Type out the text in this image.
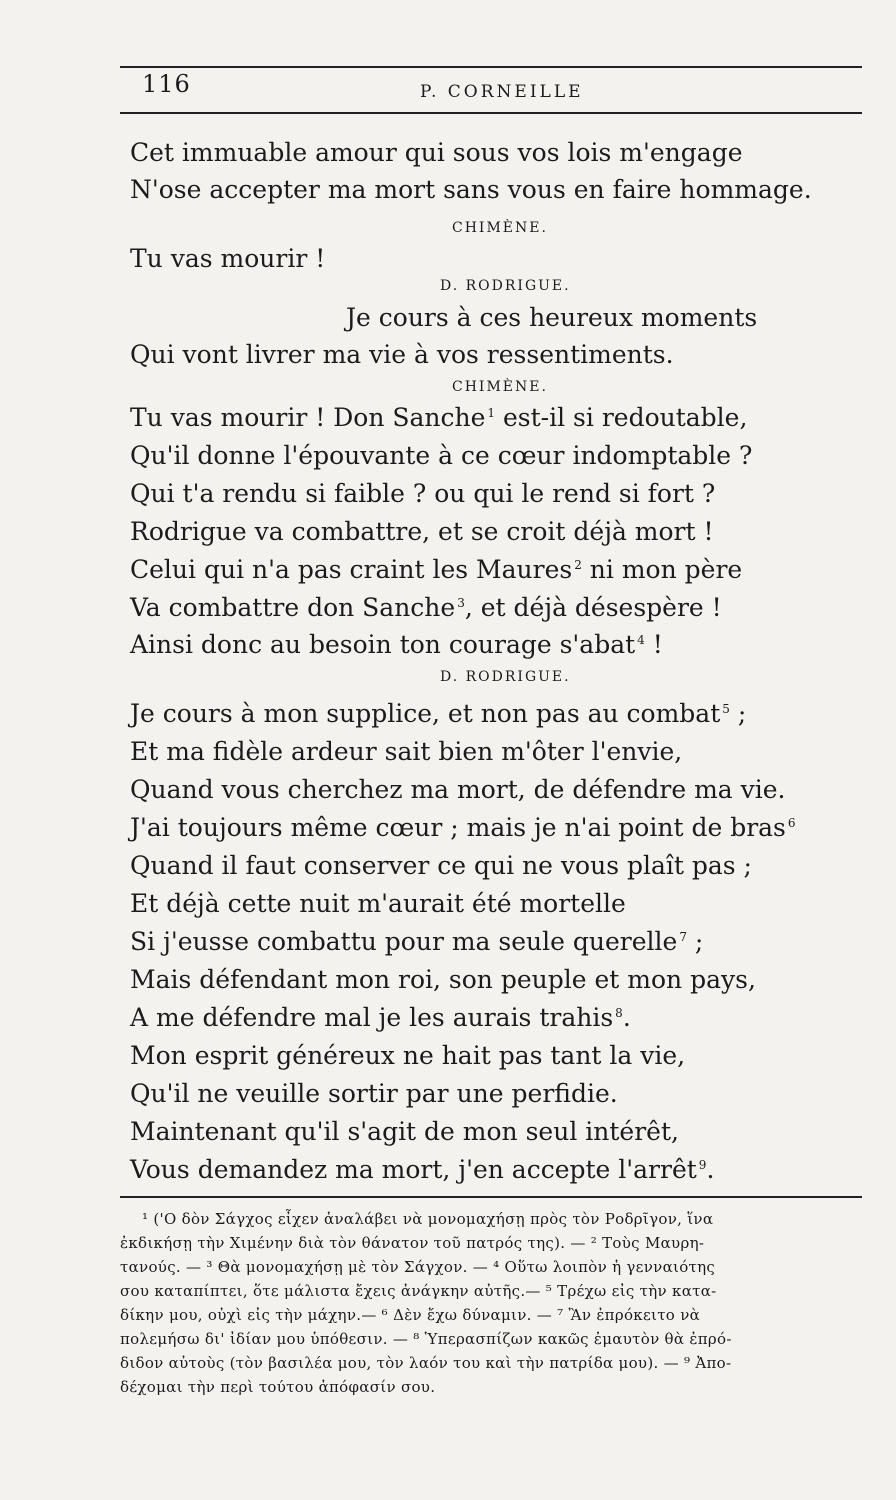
116	P. CORNEILLE
Cet immuable amour qui sous vos lois m'engage
N'ose accepter ma mort sans vous en faire hommage.
CHIMÈNE.
Tu vas mourir !
D. RODRIGUE.
Je cours à ces heureux moments
Qui vont livrer ma vie à vos ressentiments.
CHIMÈNE.
Tu vas mourir ! Don Sanche $^1$ est-il si redoutable,
Qu'il donne l'épouvante à ce cœur indomptable ?
Qui t'a rendu si faible ? ou qui le rend si fort ?
Rodrigue va combattre, et se croit déjà mort !
Celui qui n'a pas craint les Maures $^2$ ni mon père
Va combattre don Sanche $^3$, et déjà désespère !
Ainsi donc au besoin ton courage s'abat $^4$ !
D. RODRIGUE.
Je cours à mon supplice, et non pas au combat $^5$ ;
Et ma fidèle ardeur sait bien m'ôter l'envie,
Quand vous cherchez ma mort, de défendre ma vie.
J'ai toujours même cœur ; mais je n'ai point de bras $^6$
Quand il faut conserver ce qui ne vous plaît pas ;
Et déjà cette nuit m'aurait été mortelle
Si j'eusse combattu pour ma seule querelle $^7$ ;
Mais défendant mon roi, son peuple et mon pays,
A me défendre mal je les aurais trahis $^8$.
Mon esprit généreux ne hait pas tant la vie,
Qu'il ne veuille sortir par une perfidie.
Maintenant qu'il s'agit de mon seul intérêt,
Vous demandez ma mort, j'en accepte l'arrêt $^9$.
¹ ('Ο δὸν Σάγχος εἶχεν ἀναλάβει νὰ μονομαχήσῃ πρὸς τὸν Ροδρῖγον, ἵνα
ἐκδικήσῃ τὴν Χιμένην διὰ τὸν θάνατον τοῦ πατρός της). — ² Τοὺς Μαυρη-
τανούς. — ³ Θὰ μονομαχήσῃ μὲ τὸν Σάγχον. — ⁴ Οὕτω λοιπὸν ἡ γενναιότης
σου καταπίπτει, ὅτε μάλιστα ἔχεις ἀνάγκην αὐτῆς.— ⁵ Τρέχω εἰς τὴν κατα-
δίκην μου, οὐχὶ εἰς τὴν μάχην.— ⁶ Δὲν ἔχω δύναμιν. — ⁷ Ἂν ἐπρόκειτο νὰ
πολεμήσω δι' ἰδίαν μου ὑπόθεσιν. — ⁸ Ὑπερασπίζων κακῶς ἐμαυτὸν θὰ ἐπρό-
διδον αὐτοὺς (τὸν βασιλέα μου, τὸν λαόν του καὶ τὴν πατρίδα μου). — ⁹ Ἀπο-
δέχομαι τὴν περὶ τούτου ἀπόφασίν σου.
